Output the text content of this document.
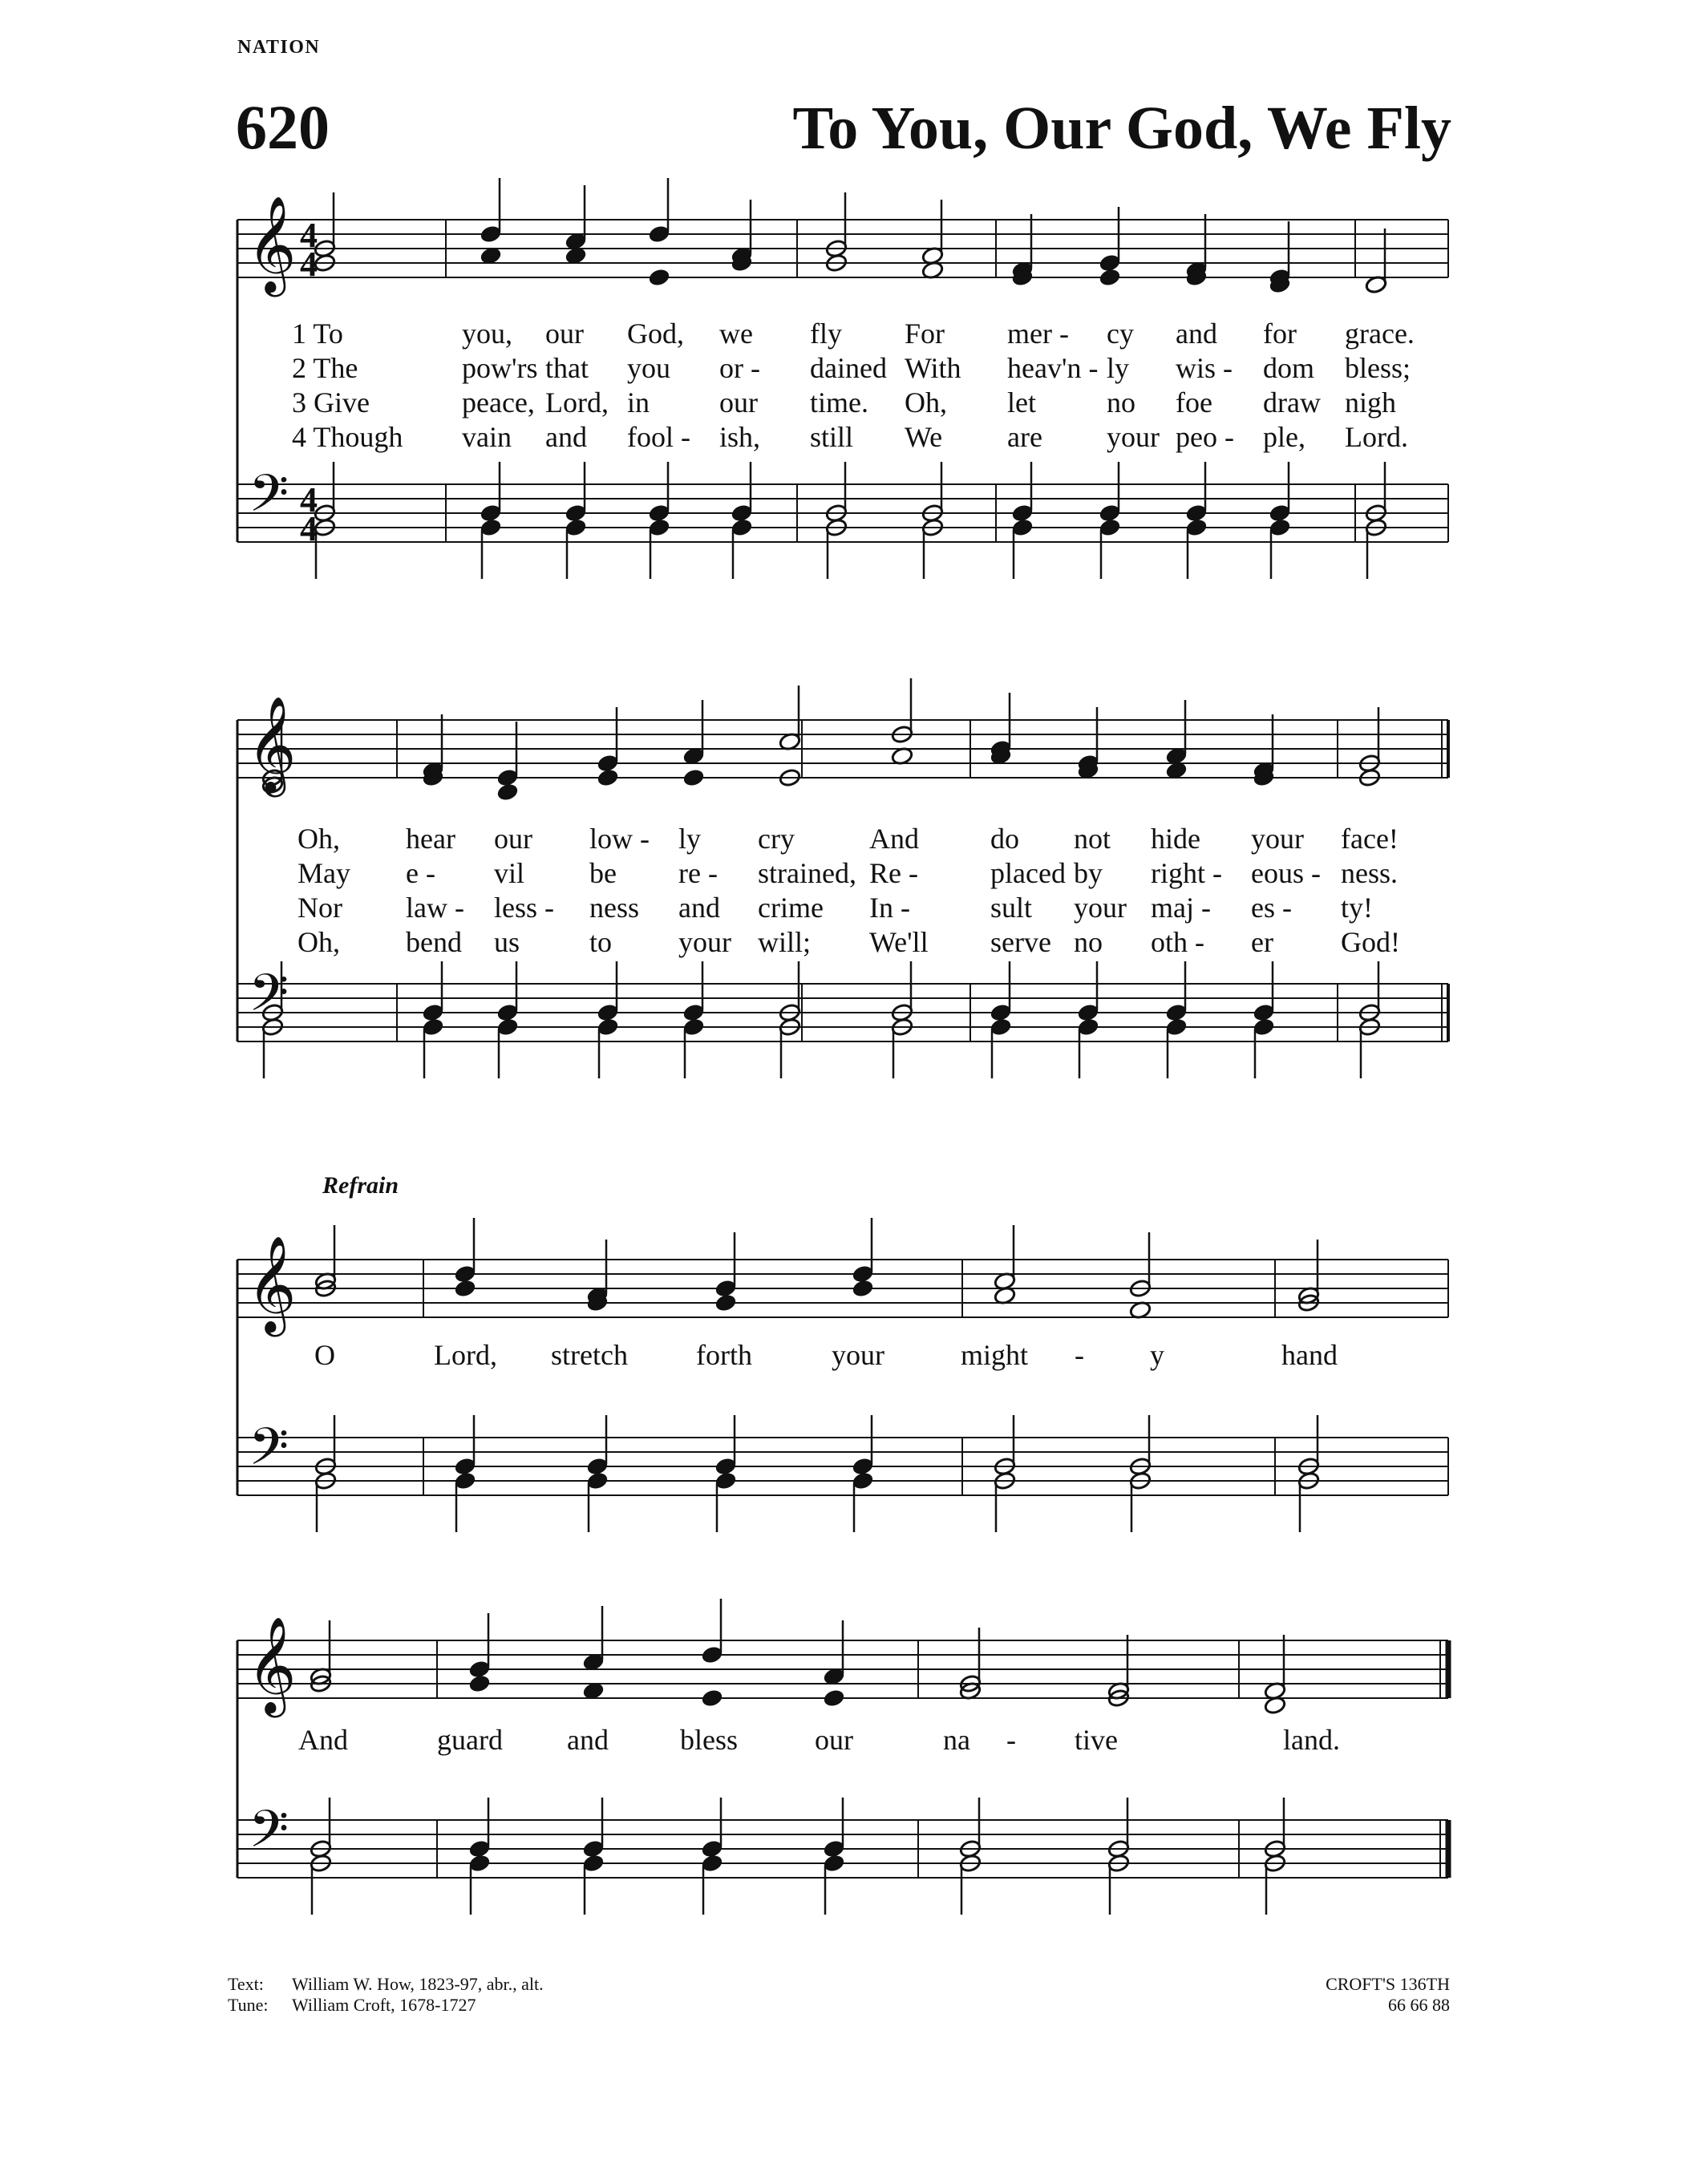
NATION
620	To You, Our God, We Fly
𝄞
𝄢
4
4
4
4
𝄞
𝄢
𝄞
𝄢
𝄞
𝄢
Refrain
1 To	you, our God, we fly For mer - cy and for grace.
2 The	pow'rs that you or - dained With heav'n - ly wis - dom bless;
3 Give	peace, Lord, in our time. Oh, let no foe draw nigh
4 Though vain and fool - ish, still We are your peo - ple, Lord.
Oh, hear our low - ly cry	And do not hide your face!
May e - vil be re - strained, Re -	placed by right - eous - ness.
Nor law - less - ness and crime In -	sult your maj - es - ty!
Oh, bend us to your will; We'll serve no oth - er God!
O	Lord, stretch forth	your	might - y	hand
And	guard and bless	our	na - tive	land.
Text: William W. How, 1823-97, abr., alt.
Tune: William Croft, 1678-1727
CROFT'S 136TH
66 66 88
